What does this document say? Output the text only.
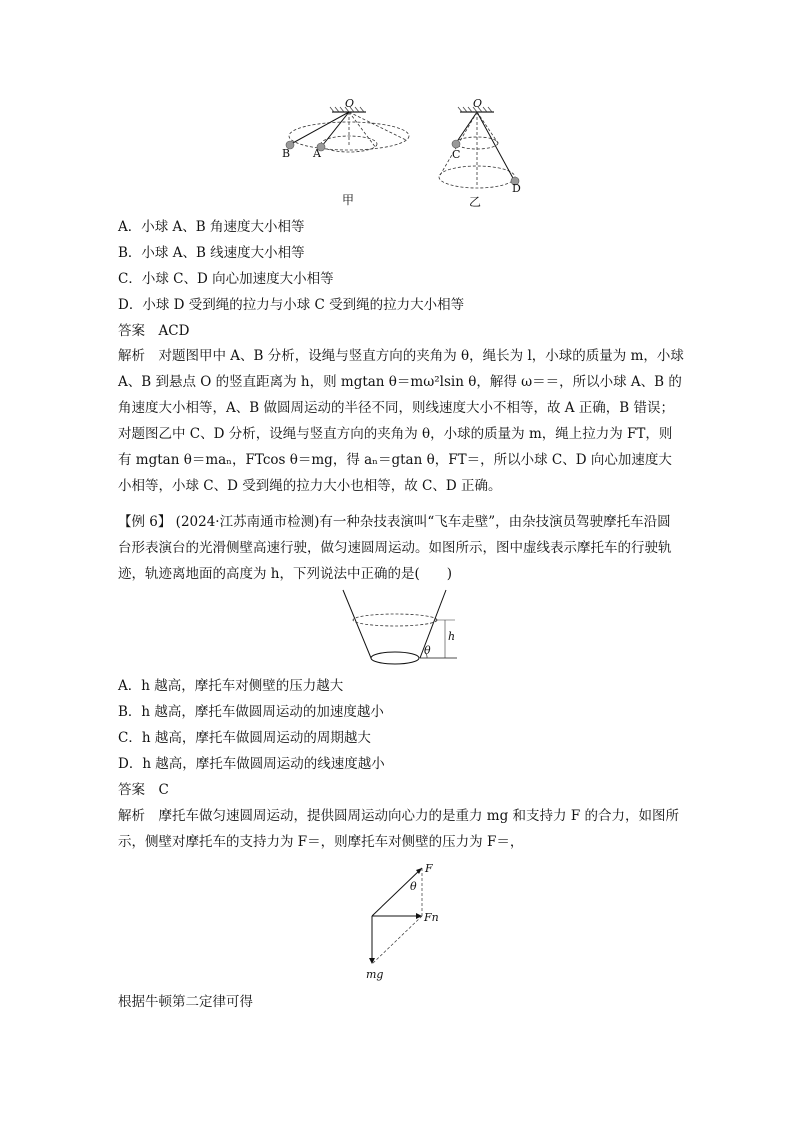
O
B A
甲
O
C
D
乙
A．小球 A、B 角速度大小相等
B．小球 A、B 线速度大小相等
C．小球 C、D 向心加速度大小相等
D．小球 D 受到绳的拉力与小球 C 受到绳的拉力大小相等
答案　ACD
解析　对题图甲中 A、B 分析，设绳与竖直方向的夹角为 θ，绳长为 l，小球的质量为 m，小球 A、B 到悬点 O 的竖直距离为 h，则 mgtan θ＝mω²lsin θ，解得 ω＝＝，所以小球 A、B 的角速度大小相等，A、B 做圆周运动的半径不同，则线速度大小不相等，故 A 正确，B 错误；对题图乙中 C、D 分析，设绳与竖直方向的夹角为 θ，小球的质量为 m，绳上拉力为 FT，则有 mgtan θ＝maₙ，FTcos θ＝mg，得 aₙ＝gtan θ，FT＝，所以小球 C、D 向心加速度大小相等，小球 C、D 受到绳的拉力大小也相等，故 C、D 正确。
【例 6】 (2024·江苏南通市检测)有一种杂技表演叫“飞车走壁”，由杂技演员驾驶摩托车沿圆台形表演台的光滑侧壁高速行驶，做匀速圆周运动。如图所示，图中虚线表示摩托车的行驶轨迹，轨迹离地面的高度为 h，下列说法中正确的是(　　)
h
θ
A．h 越高，摩托车对侧壁的压力越大
B．h 越高，摩托车做圆周运动的加速度越小
C．h 越高，摩托车做圆周运动的周期越大
D．h 越高，摩托车做圆周运动的线速度越小
答案　C
解析　摩托车做匀速圆周运动，提供圆周运动向心力的是重力 mg 和支持力 F 的合力，如图所示，侧壁对摩托车的支持力为 F＝，则摩托车对侧壁的压力为 F＝，
F
θ
Fn
mg
根据牛顿第二定律可得
